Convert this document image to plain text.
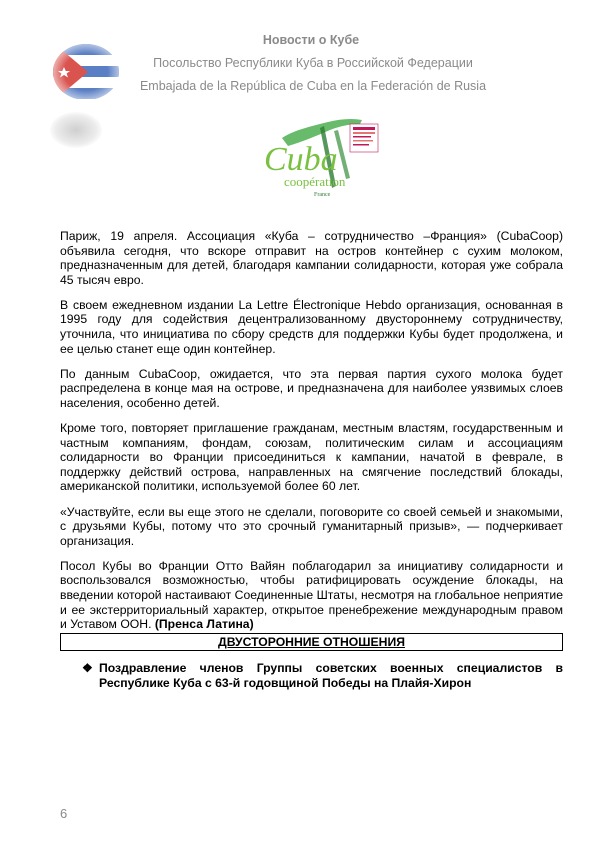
Новости о Кубе
Посольство Республики Куба в Российской Федерации
Embajada de la República de Cuba en la Federación de Rusia
Cuba
coopération
France

Париж, 19 апреля. Ассоциация «Куба – сотрудничество –Франция» (CubaCoop) объявила сегодня, что вскоре отправит на остров контейнер с сухим молоком, предназначенным для детей, благодаря кампании солидарности, которая уже собрала 45 тысяч евро.

В своем ежедневном издании La Lettre Électronique Hebdo организация, основанная в 1995 году для содействия децентрализованному двустороннему сотрудничеству, уточнила, что инициатива по сбору средств для поддержки Кубы будет продолжена, и ее целью станет еще один контейнер.

По данным CubaCoop, ожидается, что эта первая партия сухого молока будет распределена в конце мая на острове, и предназначена для наиболее уязвимых слоев населения, особенно детей.

Кроме того, повторяет приглашение гражданам, местным властям, государственным и частным компаниям, фондам, союзам, политическим силам и ассоциациям солидарности во Франции присоединиться к кампании, начатой в феврале, в поддержку действий острова, направленных на смягчение последствий блокады, американской политики, используемой более 60 лет.

«Участвуйте, если вы еще этого не сделали, поговорите со своей семьей и знакомыми, с друзьями Кубы, потому что это срочный гуманитарный призыв», — подчеркивает организация.

Посол Кубы во Франции Отто Вайян поблагодарил за инициативу солидарности и воспользовался возможностью, чтобы ратифицировать осуждение блокады, на введении которой настаивают Соединенные Штаты, несмотря на глобальное неприятие и ее экстерриториальный характер, открытое пренебрежение международным правом и Уставом ООН. (Пренса Латина)

ДВУСТОРОННИЕ ОТНОШЕНИЯ
❖ Поздравление членов Группы советских военных специалистов в Республике Куба с 63-й годовщиной Победы на Плайя-Хирон
6
